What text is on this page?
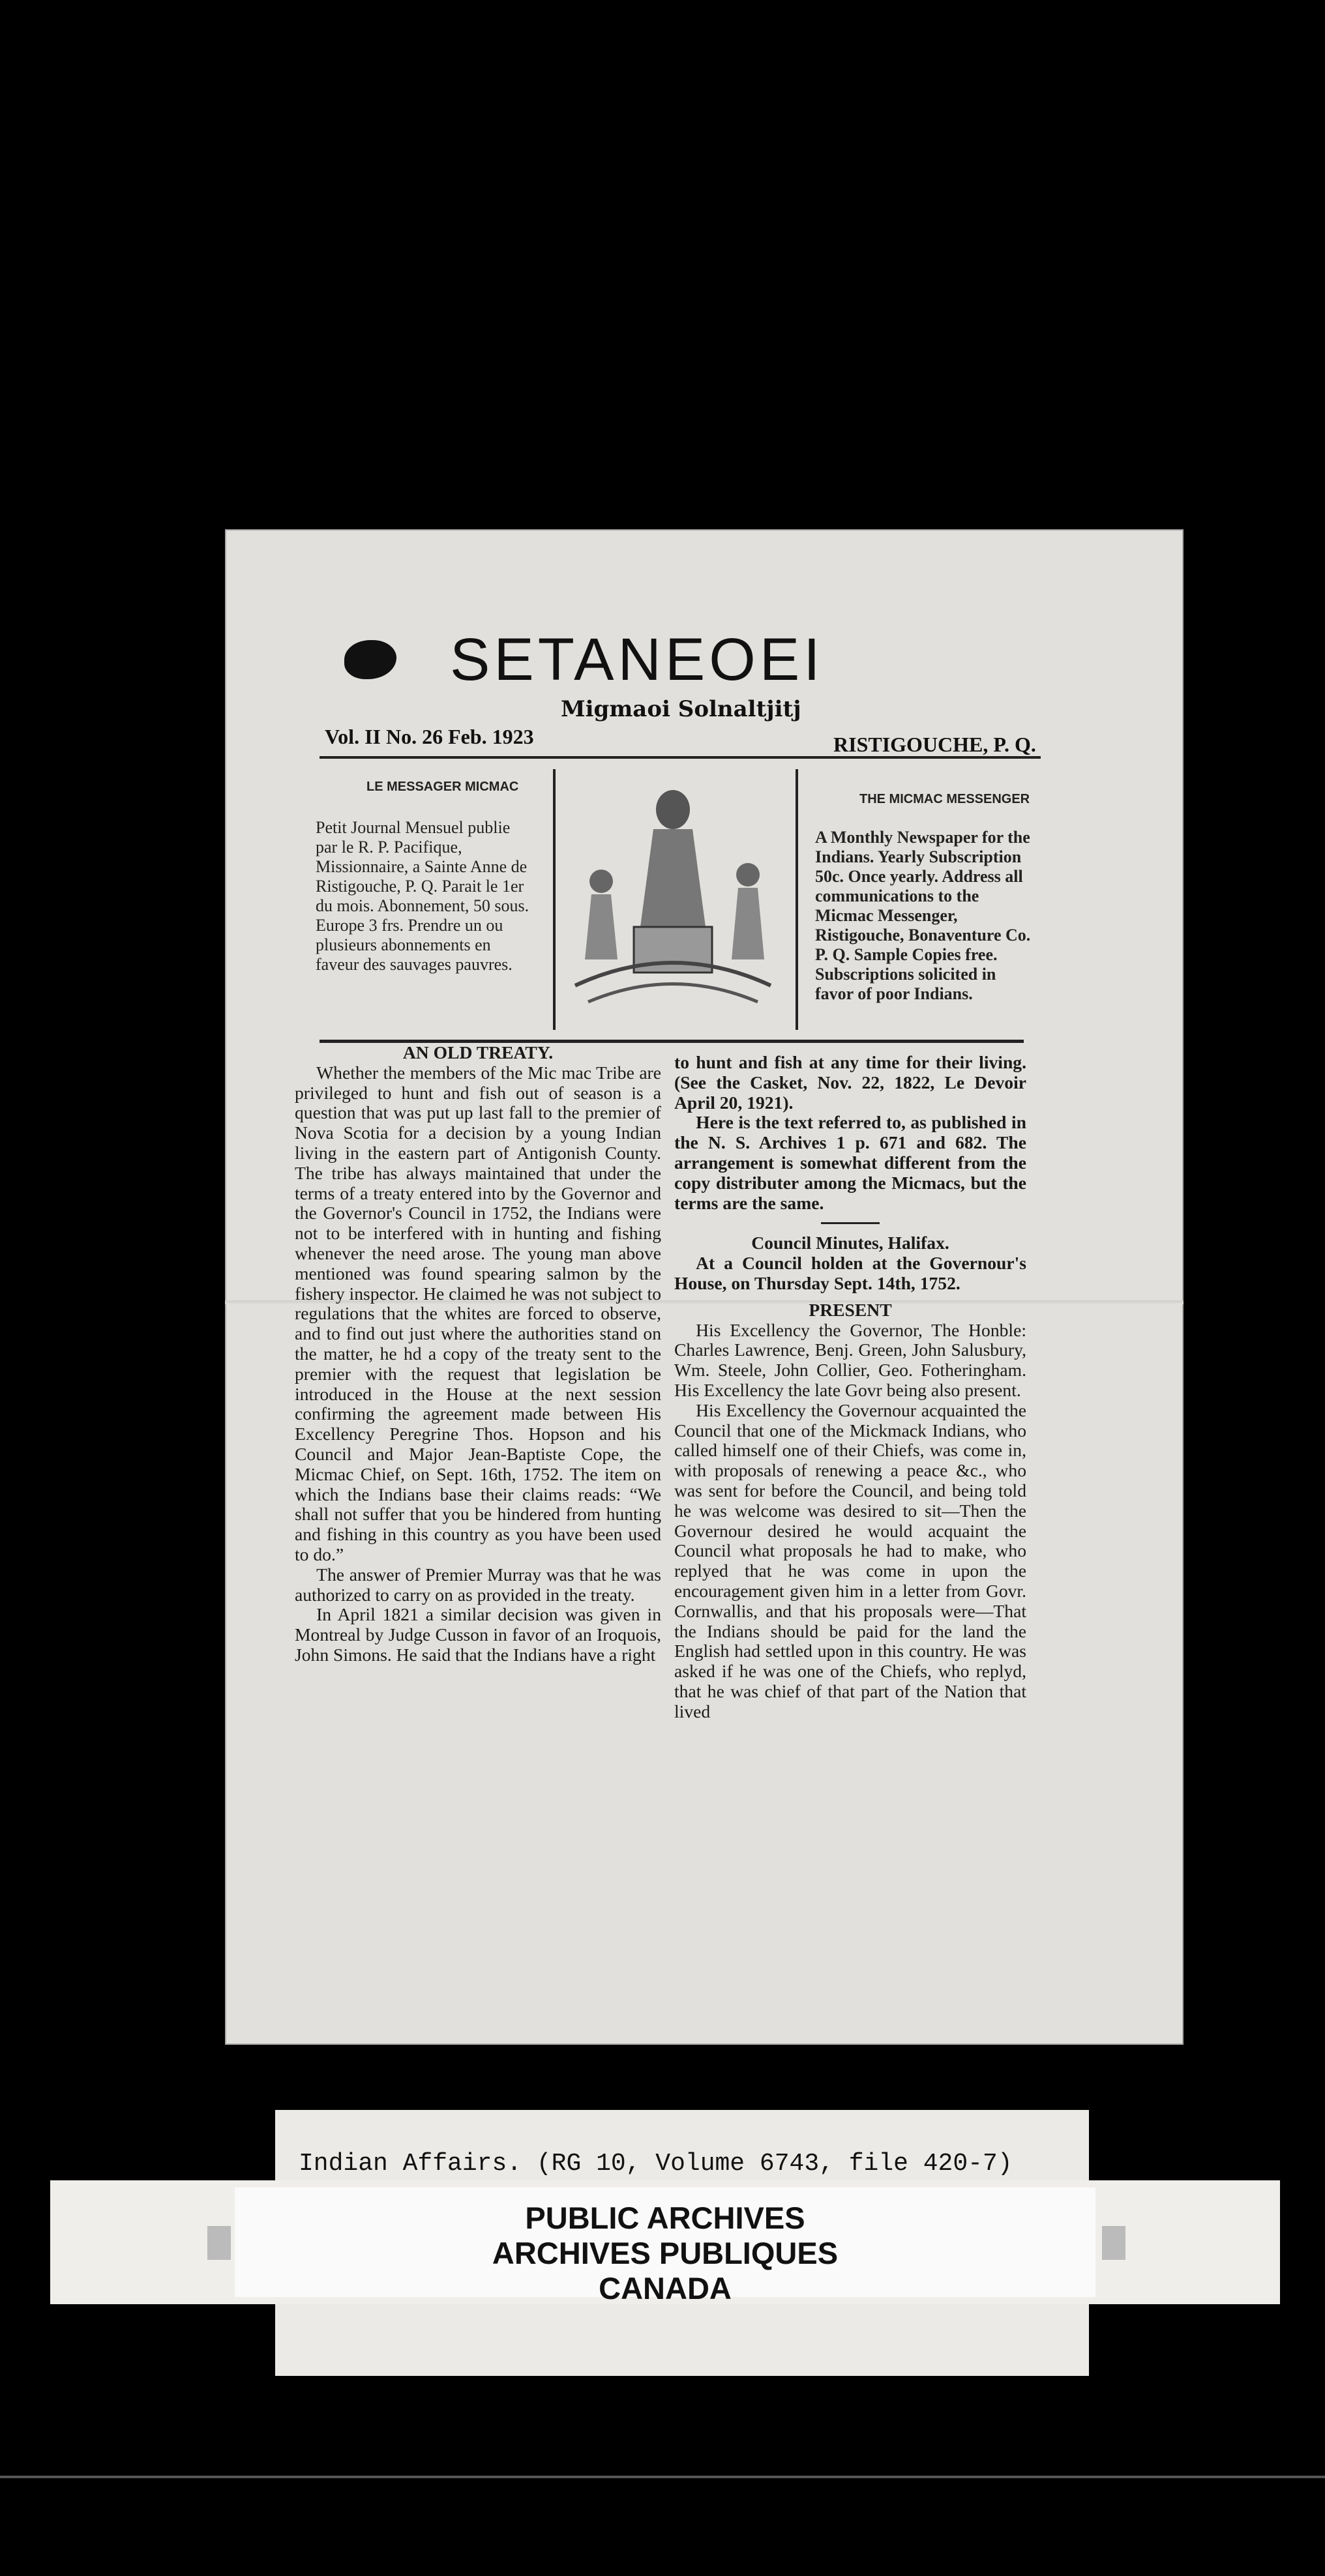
SETANEOEI
Migmaoi Solnaltjitj
Vol. II No. 26 Feb. 1923	RISTIGOUCHE, P. Q.
LE MESSAGER MICMAC
Petit Journal Mensuel publie par le R. P. Pacifique, Missionnaire, a Sainte Anne de Ristigouche, P. Q. Parait le 1er du mois. Abonnement, 50 sous. Europe 3 frs. Prendre un ou plusieurs abonnements en faveur des sauvages pauvres.
THE MICMAC MESSENGER
A Monthly Newspaper for the Indians. Yearly Subscription 50c. Once yearly. Address all communications to the Micmac Messenger, Ristigouche, Bonaventure Co. P. Q. Sample Copies free. Subscriptions solicited in favor of poor Indians.

AN OLD TREATY.

Whether the members of the Mic mac Tribe are privileged to hunt and fish out of season is a question that was put up last fall to the premier of Nova Scotia for a decision by a young Indian living in the eastern part of Antigonish County. The tribe has always maintained that under the terms of a treaty entered into by the Governor and the Governor's Council in 1752, the Indians were not to be interfered with in hunting and fishing whenever the need arose. The young man above mentioned was found spearing salmon by the fishery inspector. He claimed he was not subject to regulations that the whites are forced to observe, and to find out just where the authorities stand on the matter, he hd a copy of the treaty sent to the premier with the request that legislation be introduced in the House at the next session confirming the agreement made between His Excellency Peregrine Thos. Hopson and his Council and Major Jean-Baptiste Cope, the Micmac Chief, on Sept. 16th, 1752. The item on which the Indians base their claims reads: “We shall not suffer that you be hindered from hunting and fishing in this country as you have been used to do.”

The answer of Premier Murray was that he was authorized to carry on as provided in the treaty.

In April 1821 a similar decision was given in Montreal by Judge Cusson in favor of an Iroquois, John Simons. He said that the Indians have a right

to hunt and fish at any time for their living. (See the Casket, Nov. 22, 1822, Le Devoir April 20, 1921).

Here is the text referred to, as published in the N. S. Archives 1 p. 671 and 682. The arrangement is somewhat different from the copy distributer among the Micmacs, but the terms are the same.

Council Minutes, Halifax.

At a Council holden at the Governour's House, on Thursday Sept. 14th, 1752.

PRESENT

His Excellency the Governor, The Honble: Charles Lawrence, Benj. Green, John Salusbury, Wm. Steele, John Collier, Geo. Fotheringham. His Excellency the late Govr being also present.

His Excellency the Governour acquainted the Council that one of the Mickmack Indians, who called himself one of their Chiefs, was come in, with proposals of renewing a peace &c., who was sent for before the Council, and being told he was welcome was desired to sit—Then the Governour desired he would acquaint the Council what proposals he had to make, who replyed that he was come in upon the encouragement given him in a letter from Govr. Cornwallis, and that his proposals were—That the Indians should be paid for the land the English had settled upon in this country. He was asked if he was one of the Chiefs, who replyd, that he was chief of that part of the Nation that lived

Indian Affairs. (RG 10, Volume 6743, file 420-7)
PUBLIC ARCHIVES
ARCHIVES PUBLIQUES
CANADA
